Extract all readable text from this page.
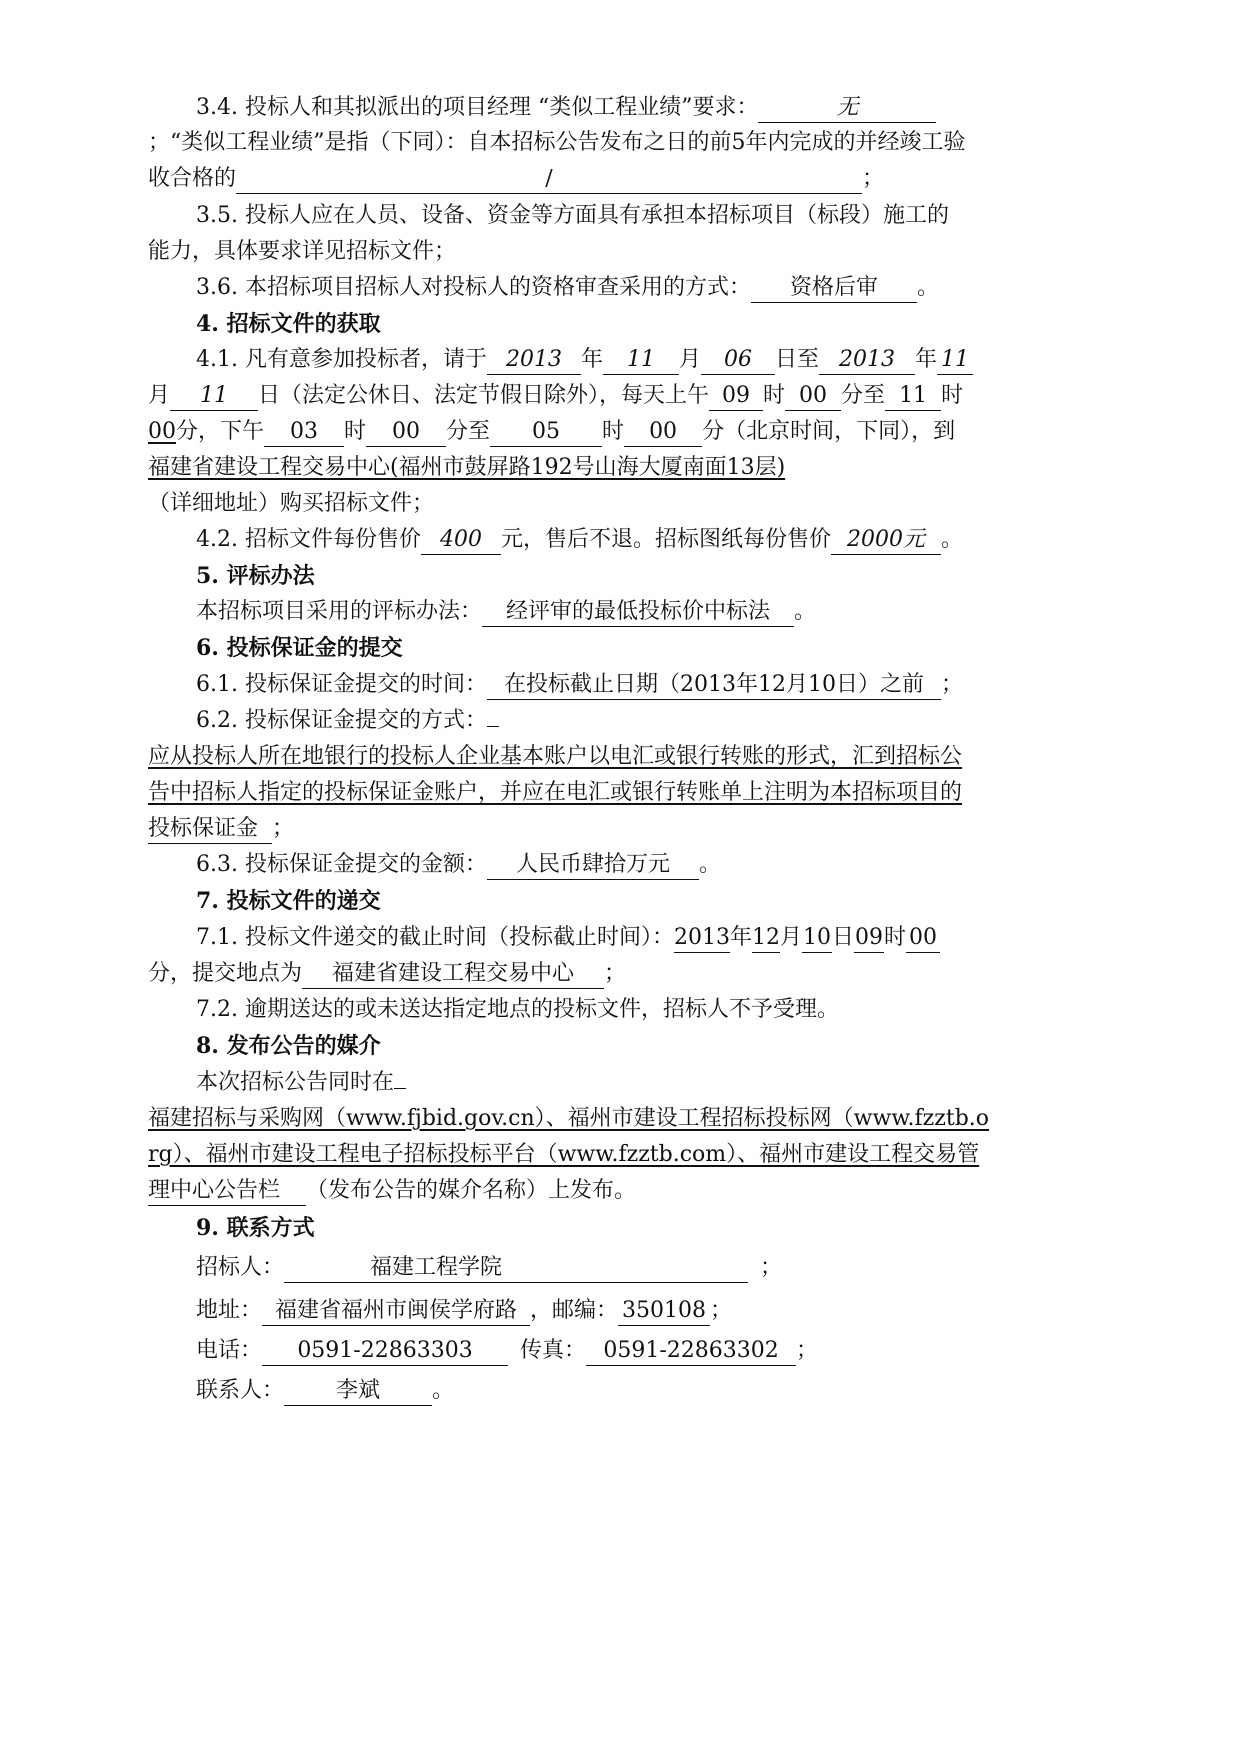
3.4. 投标人和其拟派出的项目经理 “类似工程业绩”要求：	无
；“类似工程业绩”是指（下同）：自本招标公告发布之日的前5年内完成的并经竣工验
收合格的	∕	；
3.5. 投标人应在人员、设备、资金等方面具有承担本招标项目（标段）施工的
能力，具体要求详见招标文件；
3.6. 本招标项目招标人对投标人的资格审查采用的方式： 资格后审 。
4. 招标文件的获取
4.1. 凡有意参加投标者，请于 2013 年 11 月 06 日至 2013 年 11
月 11 日（法定公休日、法定节假日除外），每天上午 09 时 00 分至 11 时
00分，下午 03 时 00 分至 05 时 00 分（北京时间，下同），到
福建省建设工程交易中心(福州市鼓屏路192号山海大厦南面13层)
（详细地址）购买招标文件；
4.2. 招标文件每份售价 400 元，售后不退。招标图纸每份售价 2000元 。
5. 评标办法
本招标项目采用的评标办法： 经评审的最低投标价中标法 。
6. 投标保证金的提交
6.1. 投标保证金提交的时间： 在投标截止日期（2013年12月10日）之前 ；
6.2. 投标保证金提交的方式：
应从投标人所在地银行的投标人企业基本账户以电汇或银行转账的形式，汇到招标公
告中招标人指定的投标保证金账户，并应在电汇或银行转账单上注明为本招标项目的
投标保证金 ；
6.3. 投标保证金提交的金额： 人民币肆拾万元 。
7. 投标文件的递交
7.1. 投标文件递交的截止时间（投标截止时间）：2013年12月10日09时 00
分，提交地点为 福建省建设工程交易中心 ；
7.2. 逾期送达的或未送达指定地点的投标文件，招标人不予受理。
8. 发布公告的媒介
本次招标公告同时在
福建招标与采购网（www.fjbid.gov.cn）、福州市建设工程招标投标网（www.fzztb.o
rg）、福州市建设工程电子招标投标平台（www.fzztb.com）、福州市建设工程交易管
理中心公告栏 （发布公告的媒介名称）上发布。
9. 联系方式
招标人：	福建工程学院	；
地址： 福建省福州市闽侯学府路 ，邮编： 350108 ；
电话： 0591-22863303 传真： 0591-22863302 ；
联系人： 李斌 。
